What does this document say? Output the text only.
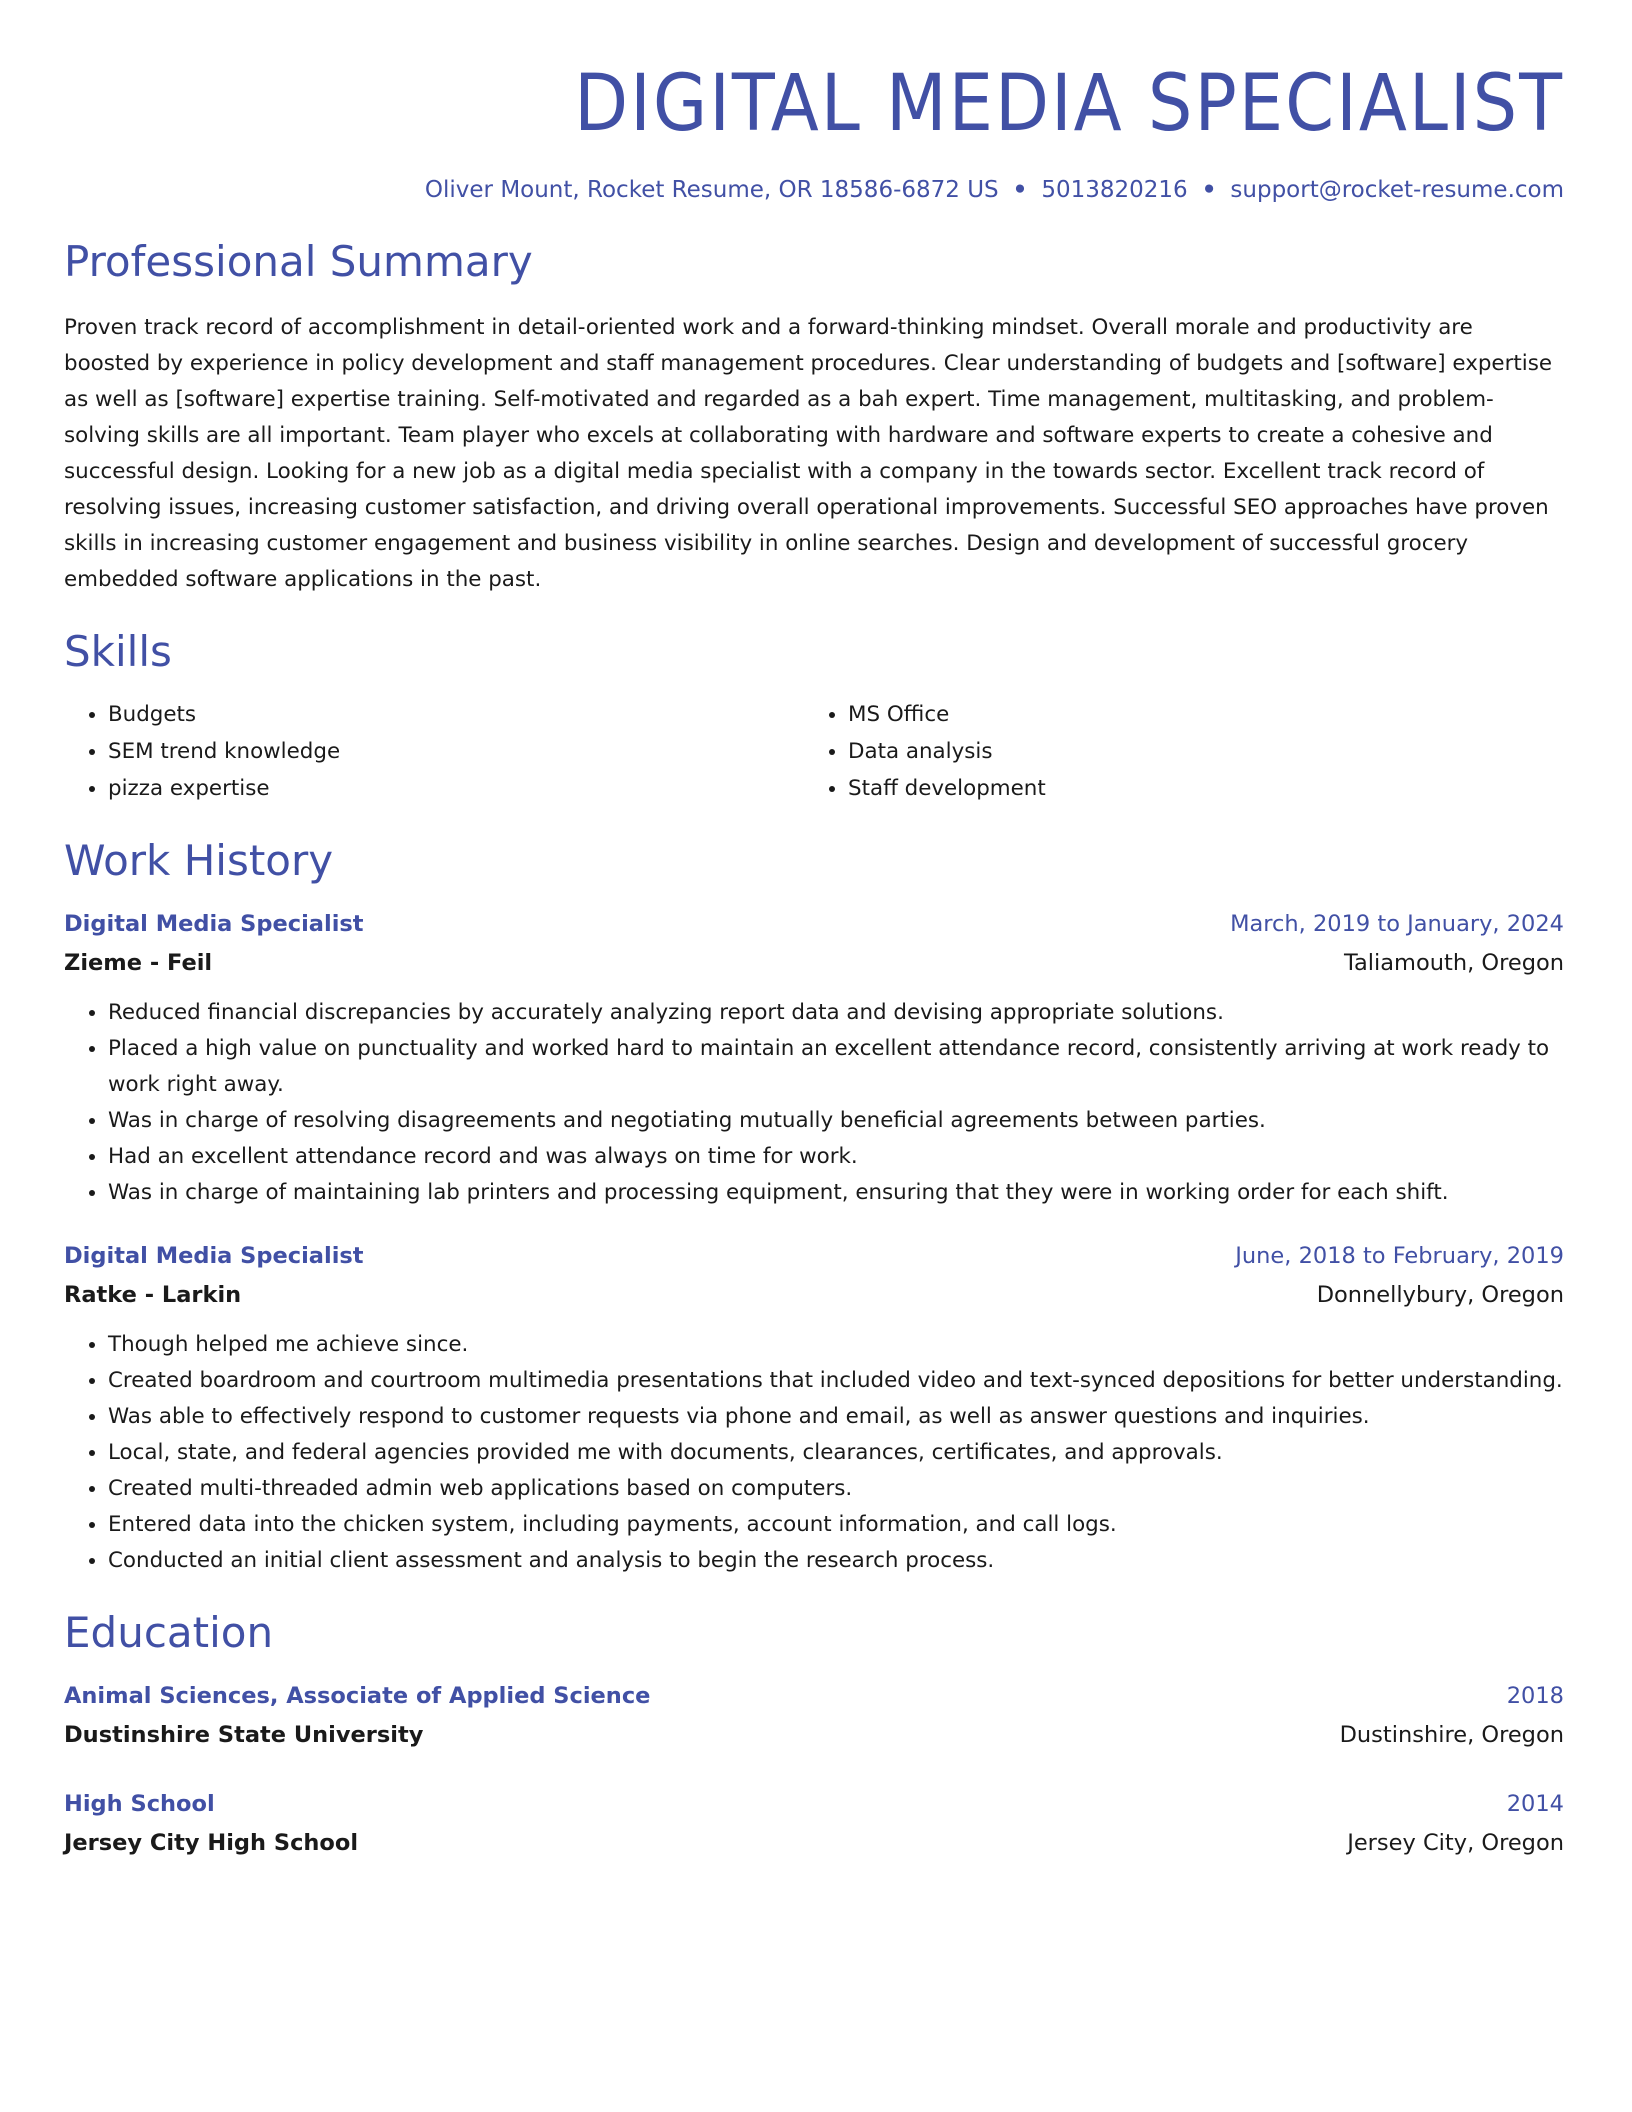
DIGITAL MEDIA SPECIALIST
Oliver Mount, Rocket Resume, OR 18586-6872 US • 5013820216 • support@rocket-resume.com
Professional Summary

Proven track record of accomplishment in detail-oriented work and a forward-thinking mindset. Overall morale and productivity are boosted by experience in policy development and staff management procedures. Clear understanding of budgets and [software] expertise as well as [software] expertise training. Self-motivated and regarded as a bah expert. Time management, multitasking, and problem-solving skills are all important. Team player who excels at collaborating with hardware and software experts to create a cohesive and successful design. Looking for a new job as a digital media specialist with a company in the towards sector. Excellent track record of resolving issues, increasing customer satisfaction, and driving overall operational improvements. Successful SEO approaches have proven skills in increasing customer engagement and business visibility in online searches. Design and development of successful grocery embedded software applications in the past.

Skills
• Budgets
• SEM trend knowledge
• pizza expertise
• MS Office
• Data analysis
• Staff development
Work History
Digital Media Specialist	March, 2019 to January, 2024
Zieme - Feil	Taliamouth, Oregon
• Reduced financial discrepancies by accurately analyzing report data and devising appropriate solutions.
• Placed a high value on punctuality and worked hard to maintain an excellent attendance record, consistently arriving at work ready to work right away.
• Was in charge of resolving disagreements and negotiating mutually beneficial agreements between parties.
• Had an excellent attendance record and was always on time for work.
• Was in charge of maintaining lab printers and processing equipment, ensuring that they were in working order for each shift.
Digital Media Specialist	June, 2018 to February, 2019
Ratke - Larkin	Donnellybury, Oregon
• Though helped me achieve since.
• Created boardroom and courtroom multimedia presentations that included video and text-synced depositions for better understanding.
• Was able to effectively respond to customer requests via phone and email, as well as answer questions and inquiries.
• Local, state, and federal agencies provided me with documents, clearances, certificates, and approvals.
• Created multi-threaded admin web applications based on computers.
• Entered data into the chicken system, including payments, account information, and call logs.
• Conducted an initial client assessment and analysis to begin the research process.
Education
Animal Sciences, Associate of Applied Science	2018
Dustinshire State University	Dustinshire, Oregon
High School	2014
Jersey City High School	Jersey City, Oregon
